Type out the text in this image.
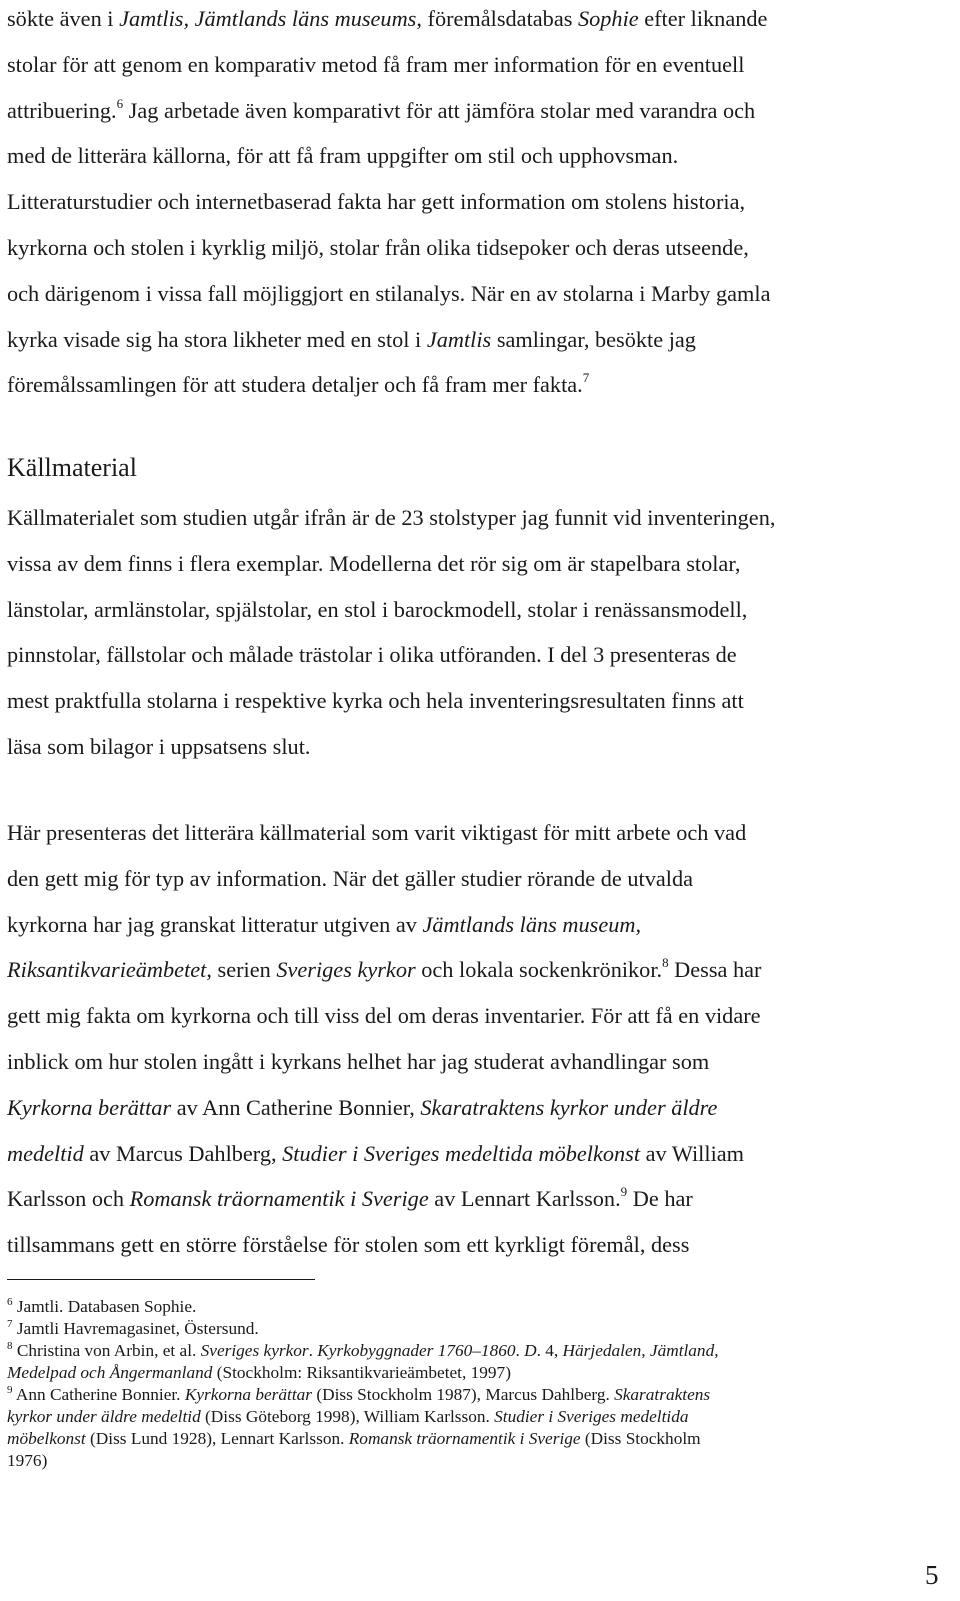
sökte även i Jamtlis, Jämtlands läns museums, föremålsdatabas Sophie efter liknande
stolar för att genom en komparativ metod få fram mer information för en eventuell
attribuering.$^6$ Jag arbetade även komparativt för att jämföra stolar med varandra och
med de litterära källorna, för att få fram uppgifter om stil och upphovsman.
Litteraturstudier och internetbaserad fakta har gett information om stolens historia,
kyrkorna och stolen i kyrklig miljö, stolar från olika tidsepoker och deras utseende,
och därigenom i vissa fall möjliggjort en stilanalys. När en av stolarna i Marby gamla
kyrka visade sig ha stora likheter med en stol i Jamtlis samlingar, besökte jag
föremålssamlingen för att studera detaljer och få fram mer fakta.$^7$

Källmaterial

Källmaterialet som studien utgår ifrån är de 23 stolstyper jag funnit vid inventeringen,
vissa av dem finns i flera exemplar. Modellerna det rör sig om är stapelbara stolar,
länstolar, armlänstolar, spjälstolar, en stol i barockmodell, stolar i renässansmodell,
pinnstolar, fällstolar och målade trästolar i olika utföranden. I del 3 presenteras de
mest praktfulla stolarna i respektive kyrka och hela inventeringsresultaten finns att
läsa som bilagor i uppsatsens slut.

Här presenteras det litterära källmaterial som varit viktigast för mitt arbete och vad
den gett mig för typ av information. När det gäller studier rörande de utvalda
kyrkorna har jag granskat litteratur utgiven av Jämtlands läns museum,
Riksantikvarieämbetet, serien Sveriges kyrkor och lokala sockenkrönikor.$^8$ Dessa har
gett mig fakta om kyrkorna och till viss del om deras inventarier. För att få en vidare
inblick om hur stolen ingått i kyrkans helhet har jag studerat avhandlingar som
Kyrkorna berättar av Ann Catherine Bonnier, Skaratraktens kyrkor under äldre
medeltid av Marcus Dahlberg, Studier i Sveriges medeltida möbelkonst av William
Karlsson och Romansk träornamentik i Sverige av Lennart Karlsson.$^9$ De har
tillsammans gett en större förståelse för stolen som ett kyrkligt föremål, dess

$^6$ Jamtli. Databasen Sophie.
$^7$ Jamtli Havremagasinet, Östersund.
$^8$ Christina von Arbin, et al. Sveriges kyrkor. Kyrkobyggnader 1760–1860. D. 4, Härjedalen, Jämtland,
Medelpad och Ångermanland (Stockholm: Riksantikvarieämbetet, 1997)
$^9$ Ann Catherine Bonnier. Kyrkorna berättar (Diss Stockholm 1987), Marcus Dahlberg. Skaratraktens
kyrkor under äldre medeltid (Diss Göteborg 1998), William Karlsson. Studier i Sveriges medeltida
möbelkonst (Diss Lund 1928), Lennart Karlsson. Romansk träornamentik i Sverige (Diss Stockholm
1976)
5
